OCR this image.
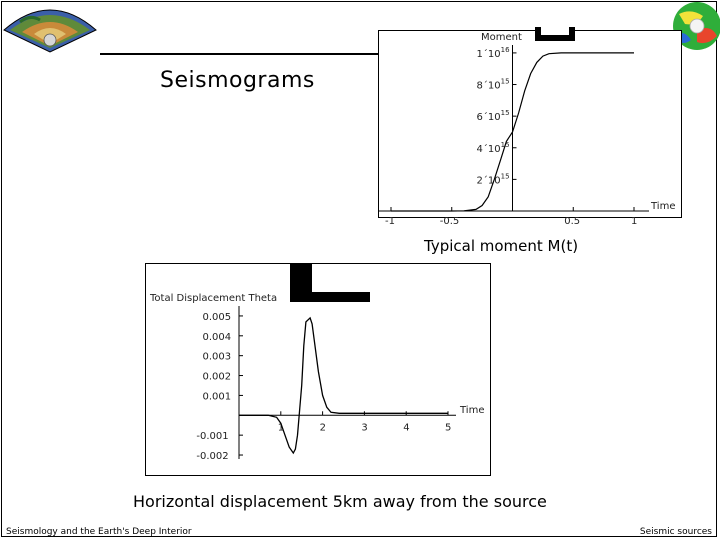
Seismograms
Moment
Time
-1	-0.5	0.5	1
$2´10^{15}$
$4´10^{15}$
$6´10^{15}$
$8´10^{15}$
$1´10^{16}$
Typical moment M(t)
Total Displacement Theta
Time
1	2	3	4	5
0.005
0.004
0.003
0.002
0.001
-0.001
-0.002
Horizontal displacement 5km away from the source
Seismology and the Earth's Deep Interior	Seismic sources
